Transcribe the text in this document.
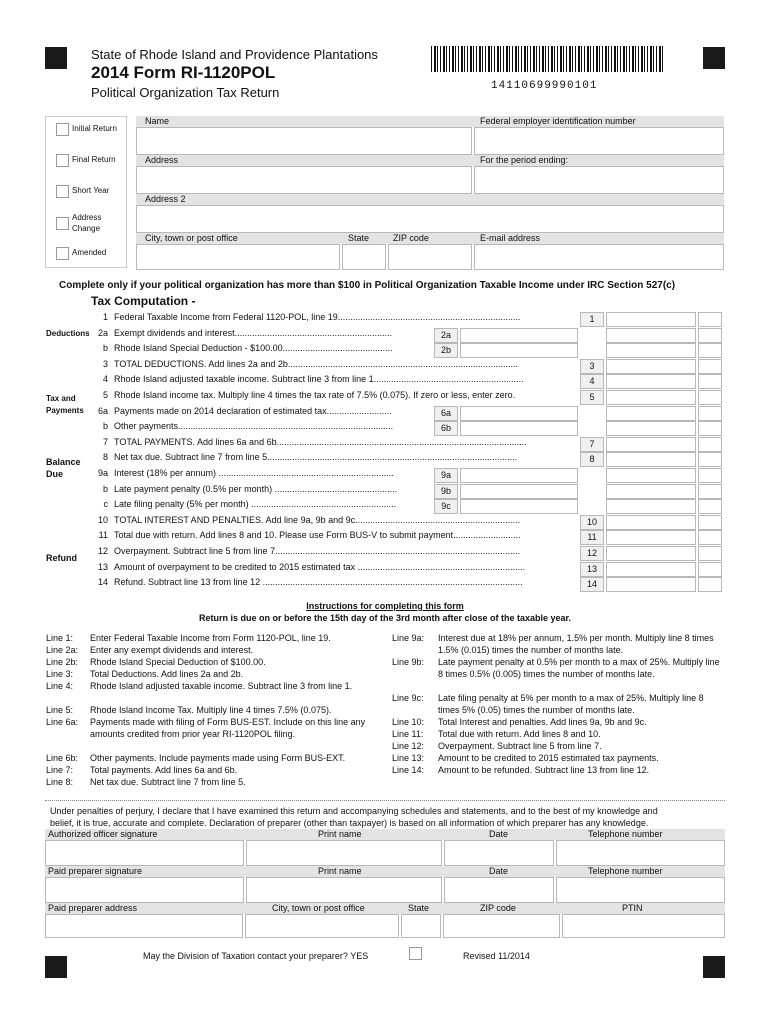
State of Rhode Island and Providence Plantations
2014 Form RI-1120POL
Political Organization Tax Return	14110699990101
Initial Return
Final Return
Short Year
Address
Change
Amended
Name	Federal employer identification number
Address	For the period ending:
Address 2
City, town or post office	State	ZIP code	E-mail address
Complete only if your political organization has more than $100 in Political Organization Taxable Income under IRC Section 527(c)
Tax Computation -
Deductions
Tax and
Payments
Balance
Due
Refund
1 Federal Taxable Income from Federal 1120-POL, line 19.........................................................................	1
2a Exempt dividends and interest...............................................................	2a
b Rhode Island Special Deduction - $100.00............................................	2b
3 TOTAL DEDUCTIONS. Add lines 2a and 2b............................................................................................	3
4 Rhode Island adjusted taxable income. Subtract line 3 from line 1............................................................	4
5 Rhode Island income tax. Multiply line 4 times the tax rate of 7.5% (0.075). If zero or less, enter zero.	5
6a Payments made on 2014 declaration of estimated tax..........................	6a
b Other payments......................................................................................	6b
7 TOTAL PAYMENTS. Add lines 6a and 6b....................................................................................................	7
8 Net tax due. Subtract line 7 from line 5....................................................................................................	8
9a Interest (18% per annum) ......................................................................	9a
b Late payment penalty (0.5% per month) .................................................	9b
c Late filing penalty (5% per month) ..........................................................	9c
10 TOTAL INTEREST AND PENALTIES. Add line 9a, 9b and 9c..................................................................	10
11 Total due with return. Add lines 8 and 10. Please use Form BUS-V to submit payment...........................	11
12 Overpayment. Subtract line 5 from line 7..................................................................................................	12
13 Amount of overpayment to be credited to 2015 estimated tax ...................................................................	13
14 Refund. Subtract line 13 from line 12 ........................................................................................................	14
Instructions for completing this form
Return is due on or before the 15th day of the 3rd month after close of the taxable year.
Line 1: Enter Federal Taxable Income from Form 1120-POL, line 19.
Line 2a: Enter any exempt dividends and interest.
Line 2b: Rhode Island Special Deduction of $100.00.
Line 3: Total Deductions. Add lines 2a and 2b.
Line 4: Rhode Island adjusted taxable income. Subtract line 3 from line 1.
Line 5: Rhode Island Income Tax. Multiply line 4 times 7.5% (0.075).
Line 6a: Payments made with filing of Form BUS-EST. Include on this line any amounts credited from prior year RI-1120POL filing.
Line 6b: Other payments. Include payments made using Form BUS-EXT.
Line 7: Total payments. Add lines 6a and 6b.
Line 8: Net tax due. Subtract line 7 from line 5.
Line 9a: Interest due at 18% per annum, 1.5% per month. Multiply line 8 times 1.5% (0.015) times the number of months late.
Line 9b: Late payment penalty at 0.5% per month to a max of 25%. Multiply line 8 times 0.5% (0.005) times the number of months late.
Line 9c: Late filing penalty at 5% per month to a max of 25%. Multiply line 8 times 5% (0.05) times the number of months late.
Line 10: Total Interest and penalties. Add lines 9a, 9b and 9c.
Line 11: Total due with return. Add lines 8 and 10.
Line 12: Overpayment. Subtract line 5 from line 7.
Line 13: Amount to be credited to 2015 estimated tax payments.
Line 14: Amount to be refunded. Subtract line 13 from line 12.
Under penalties of perjury, I declare that I have examined this return and accompanying schedules and statements, and to the best of my knowledge and
belief, it is true, accurate and complete. Declaration of preparer (other than taxpayer) is based on all information of which preparer has any knowledge.
Authorized officer signature	Print name	Date	Telephone number
Paid preparer signature	Print name	Date	Telephone number
Paid preparer address	City, town or post office	State	ZIP code	PTIN
May the Division of Taxation contact your preparer? YES	Revised 11/2014
